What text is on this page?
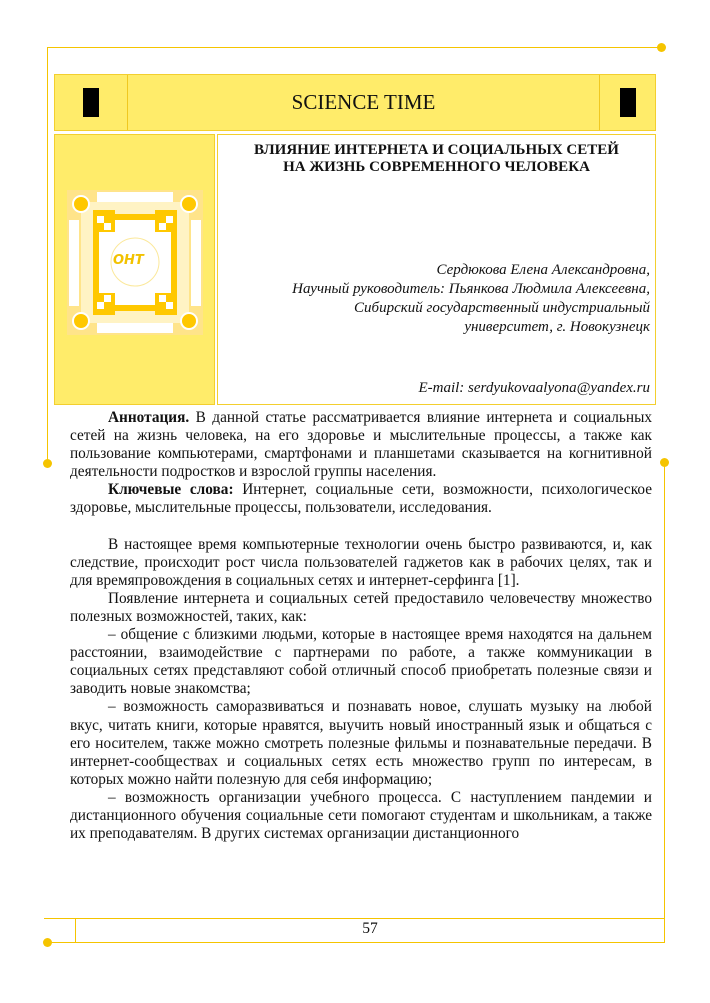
SCIENCE TIME
ОНТ
ВЛИЯНИЕ ИНТЕРНЕТА И СОЦИАЛЬНЫХ СЕТЕЙ
НА ЖИЗНЬ СОВРЕМЕННОГО ЧЕЛОВЕКА
Сердюкова Елена Александровна,
Научный руководитель: Пьянкова Людмила Алексеевна,
Сибирский государственный индустриальный
университет, г. Новокузнецк
E-mail: serdyukovaalyona@yandex.ru

Аннотация. В данной статье рассматривается влияние интернета и социальных сетей на жизнь человека, на его здоровье и мыслительные процессы, а также как пользование компьютерами, смартфонами и планшетами сказывается на когнитивной деятельности подростков и взрослой группы населения.

Ключевые слова: Интернет, социальные сети, возможности, психологическое здоровье, мыслительные процессы, пользователи, исследования.

В настоящее время компьютерные технологии очень быстро развиваются, и, как следствие, происходит рост числа пользователей гаджетов как в рабочих целях, так и для времяпровождения в социальных сетях и интернет-серфинга [1].

Появление интернета и социальных сетей предоставило человечеству множество полезных возможностей, таких, как:

– общение с близкими людьми, которые в настоящее время находятся на дальнем расстоянии, взаимодействие с партнерами по работе, а также коммуникации в социальных сетях представляют собой отличный способ приобретать полезные связи и заводить новые знакомства;

– возможность саморазвиваться и познавать новое, слушать музыку на любой вкус, читать книги, которые нравятся, выучить новый иностранный язык и общаться с его носителем, также можно смотреть полезные фильмы и познавательные передачи. В интернет-сообществах и социальных сетях есть множество групп по интересам, в которых можно найти полезную для себя информацию;

– возможность организации учебного процесса. С наступлением пандемии и дистанционного обучения социальные сети помогают студентам и школьникам, а также их преподавателям. В других системах организации дистанционного

57
